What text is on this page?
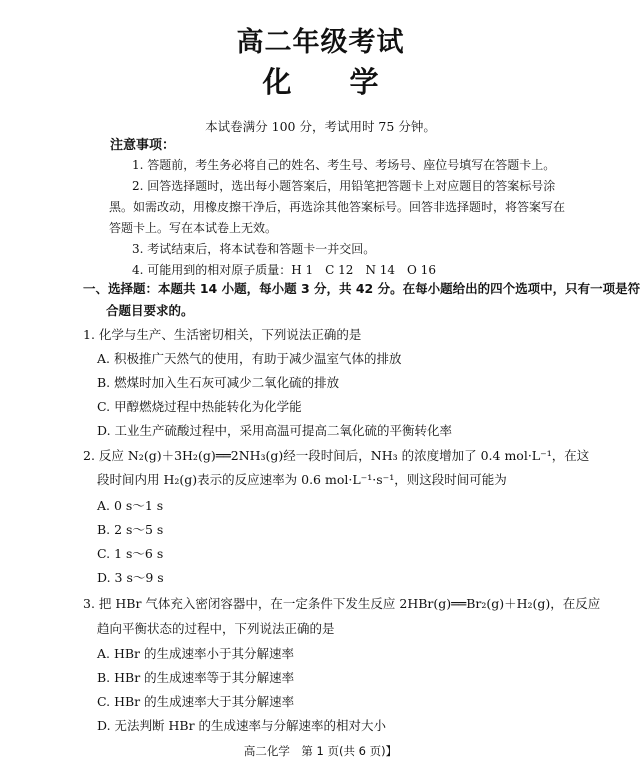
高二年级考试
化 学
本试卷满分 100 分，考试用时 75 分钟。
注意事项：
1. 答题前，考生务必将自己的姓名、考生号、考场号、座位号填写在答题卡上。
2. 回答选择题时，选出每小题答案后，用铅笔把答题卡上对应题目的答案标号涂
黑。如需改动，用橡皮擦干净后，再选涂其他答案标号。回答非选择题时，将答案写在
答题卡上。写在本试卷上无效。
3. 考试结束后，将本试卷和答题卡一并交回。
4. 可能用到的相对原子质量：H 1　C 12　N 14　O 16
一、选择题：本题共 14 小题，每小题 3 分，共 42 分。在每小题给出的四个选项中，只有一项是符
合题目要求的。
1. 化学与生产、生活密切相关，下列说法正确的是
A. 积极推广天然气的使用，有助于减少温室气体的排放
B. 燃煤时加入生石灰可减少二氧化硫的排放
C. 甲醇燃烧过程中热能转化为化学能
D. 工业生产硫酸过程中，采用高温可提高二氧化硫的平衡转化率
2. 反应 N₂(g)＋3H₂(g)══2NH₃(g)经一段时间后，NH₃ 的浓度增加了 0.4 mol·L⁻¹，在这
段时间内用 H₂(g)表示的反应速率为 0.6 mol·L⁻¹·s⁻¹，则这段时间可能为
A. 0 s～1 s
B. 2 s～5 s
C. 1 s～6 s
D. 3 s～9 s
3. 把 HBr 气体充入密闭容器中，在一定条件下发生反应 2HBr(g)══Br₂(g)＋H₂(g)，在反应
趋向平衡状态的过程中，下列说法正确的是
A. HBr 的生成速率小于其分解速率
B. HBr 的生成速率等于其分解速率
C. HBr 的生成速率大于其分解速率
D. 无法判断 HBr 的生成速率与分解速率的相对大小
高二化学　第 1 页(共 6 页)】
